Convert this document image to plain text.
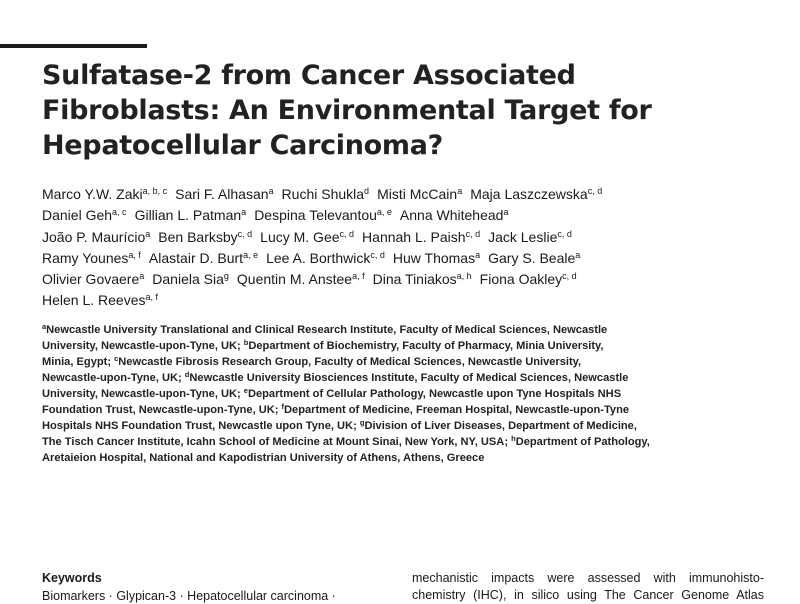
Sulfatase-2 from Cancer Associated
Fibroblasts: An Environmental Target for
Hepatocellular Carcinoma?
Marco Y.W. Zaki$^{a, b, c}$ Sari F. Alhasan$^a$ Ruchi Shukla$^d$ Misti McCain$^a$ Maja Laszczewska$^{c, d}$
Daniel Geh$^{a, c}$ Gillian L. Patman$^a$ Despina Televantou$^{a, e}$ Anna Whitehead$^a$
João P. Maurício$^a$ Ben Barksby$^{c, d}$ Lucy M. Gee$^{c, d}$ Hannah L. Paish$^{c, d}$ Jack Leslie$^{c, d}$
Ramy Younes$^{a, f}$ Alastair D. Burt$^{a, e}$ Lee A. Borthwick$^{c, d}$ Huw Thomas$^a$ Gary S. Beale$^a$
Olivier Govaere$^a$ Daniela Sia$^g$ Quentin M. Anstee$^{a, f}$ Dina Tiniakos$^{a, h}$ Fiona Oakley$^{c, d}$
Helen L. Reeves$^{a, f}$
$^a$Newcastle University Translational and Clinical Research Institute, Faculty of Medical Sciences, Newcastle
University, Newcastle-upon-Tyne, UK; $^b$Department of Biochemistry, Faculty of Pharmacy, Minia University,
Minia, Egypt; $^c$Newcastle Fibrosis Research Group, Faculty of Medical Sciences, Newcastle University,
Newcastle-upon-Tyne, UK; $^d$Newcastle University Biosciences Institute, Faculty of Medical Sciences, Newcastle
University, Newcastle-upon-Tyne, UK; $^e$Department of Cellular Pathology, Newcastle upon Tyne Hospitals NHS
Foundation Trust, Newcastle-upon-Tyne, UK; $^f$Department of Medicine, Freeman Hospital, Newcastle-upon-Tyne
Hospitals NHS Foundation Trust, Newcastle upon Tyne, UK; $^g$Division of Liver Diseases, Department of Medicine,
The Tisch Cancer Institute, Icahn School of Medicine at Mount Sinai, New York, NY, USA; $^h$Department of Pathology,
Aretaieion Hospital, National and Kapodistrian University of Athens, Athens, Greece
Keywords
Biomarkers · Glypican-3 · Hepatocellular carcinoma ·
mechanistic impacts were assessed with immunohisto-
chemistry (IHC), in silico using The Cancer Genome Atlas
